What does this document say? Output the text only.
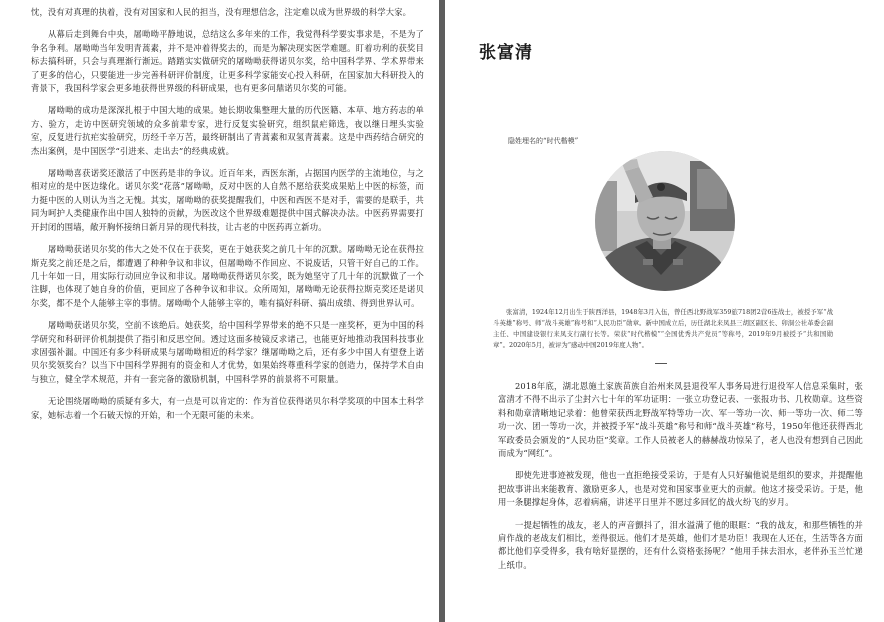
忱，没有对真理的执着，没有对国家和人民的担当，没有理想信念，注定难以成为世界级的科学大家。

从幕后走到舞台中央，屠呦呦平静地说，总结这么多年来的工作，我觉得科学要实事求是，不是为了争名争利。屠呦呦当年发明青蒿素，并不是冲着得奖去的，而是为解决现实医学难题。盯着功利的获奖目标去搞科研，只会与真理渐行渐远。踏踏实实做研究的屠呦呦获得诺贝尔奖，给中国科学界、学术界带来了更多的信心，只要能进一步完善科研评价制度，让更多科学家能安心投入科研，在国家加大科研投入的背景下，我国科学家会更多地获得世界级的科研成果，也有更多问鼎诺贝尔奖的可能。

屠呦呦的成功是深深扎根于中国大地的成果。她长期收集整理大量的历代医籍、本草、地方药志的单方、验方，走访中医研究领域的众多前辈专家，进行反复实验研究，组织鼠疟筛选，夜以继日埋头实验室，反复进行抗疟实验研究，历经千辛万苦，最终研制出了青蒿素和双氢青蒿素。这是中西药结合研究的杰出案例，是中国医学“引进来、走出去”的经典成就。

屠呦呦喜获诺奖还激活了中医药是非的争议。近百年来，西医东渐，占据国内医学的主流地位，与之相对应的是中医边缘化。诺贝尔奖“花落”屠呦呦，反对中医的人自然不愿给获奖成果贴上中医的标签，而力挺中医的人则认为当之无愧。其实，屠呦呦的获奖提醒我们，中医和西医不是对手，需要的是联手，共同为呵护人类健康作出中国人独特的贡献，为医改这个世界级难题提供中国式解决办法。中医药界需要打开封闭的围墙，敞开胸怀接纳日新月异的现代科技，让古老的中医药再立新功。

屠呦呦获诺贝尔奖的伟大之处不仅在于获奖，更在于她获奖之前几十年的沉默。屠呦呦无论在获得拉斯克奖之前还是之后，都遭遇了种种争议和非议，但屠呦呦不作回应、不说废话，只管干好自己的工作。几十年如一日，用实际行动回应争议和非议。屠呦呦获得诺贝尔奖，既为她坚守了几十年的沉默做了一个注脚，也体现了她自身的价值，更回应了各种争议和非议。众所周知，屠呦呦无论获得拉斯克奖还是诺贝尔奖，都不是个人能够主宰的事情。屠呦呦个人能够主宰的，唯有搞好科研、搞出成绩、得到世界认可。

屠呦呦获诺贝尔奖，空前不该绝后。她获奖，给中国科学界带来的绝不只是一座奖杯，更为中国的科学研究和科研评价机制提供了指引和反思空间。透过这面多棱镜反求诸己，也能更好地推动我国科技事业求固强补漏。中国还有多少科研成果与屠呦呦相近的科学家？继屠呦呦之后，还有多少中国人有望登上诺贝尔奖领奖台？以当下中国科学界拥有的资金和人才优势，如果始终尊重科学家的创造力，保持学术自由与独立，健全学术规范，并有一套完备的激励机制，中国科学界的前景将不可限量。

无论围绕屠呦呦的质疑有多大，有一点是可以肯定的：作为首位获得诺贝尔科学奖项的中国本土科学家，她标志着一个石破天惊的开始，和一个无限可能的未来。

张富清
隐姓埋名的“时代楷模”
张富清，1924年12月出生于陕西洋县，1948年3月入伍，曾任西北野战军359旅718团2营6连战士，被授予军“战斗英雄”称号、师“战斗英雄”称号和“人民功臣”勋章。新中国成立后，历任湖北来凤县三胡区副区长、卯洞公社革委会副主任、中国建设银行来凤支行副行长等。荣获“时代楷模”“全国优秀共产党员”等称号，2019年9月被授予“共和国勋章”。2020年5月，被评为“感动中国2019年度人物”。

2018年底，湖北恩施土家族苗族自治州来凤县退役军人事务局进行退役军人信息采集时，张富清才不得不出示了尘封六七十年的军功证明：一张立功登记表、一张报功书、几枚勋章。这些资料和勋章清晰地记录着：他曾荣获西北野战军特等功一次、军一等功一次、师一等功一次、师二等功一次、团一等功一次，并被授予军“战斗英雄”称号和师“战斗英雄”称号，1950年他还获得西北军政委员会颁发的“人民功臣”奖章。工作人员被老人的赫赫战功惊呆了，老人也没有想到自己因此而成为“网红”。

即使先进事迹被发现，他也一直拒绝接受采访，于是有人只好骗他说是组织的要求，并提醒他把故事讲出来能教育、激励更多人，也是对党和国家事业更大的贡献。他这才接受采访。于是，他用一条腿撑起身体，忍着病痛，讲述平日里并不愿过多回忆的战火纷飞的岁月。

一提起牺牲的战友，老人的声音颤抖了，泪水溢满了他的眼眶：“我的战友，和那些牺牲的并肩作战的老战友们相比，差得很远。他们才是英雄，他们才是功臣！我现在人还在，生活等各方面都比他们享受得多，我有啥好显摆的，还有什么资格张扬呢？”他用手抹去泪水，老伴孙玉兰忙递上纸巾。
